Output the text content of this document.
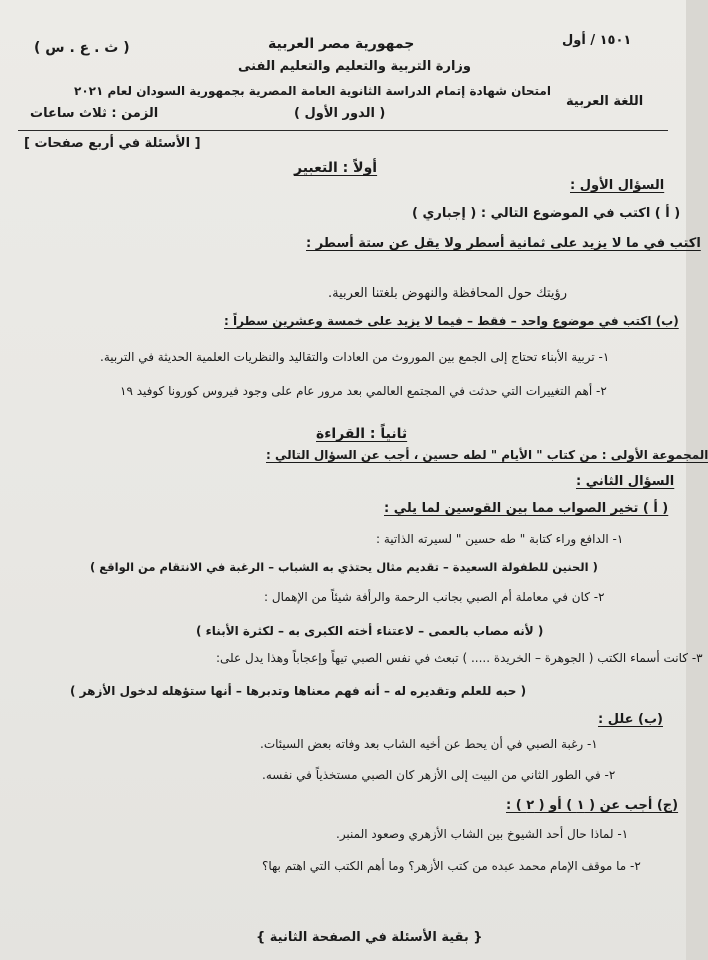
١٥٠١ / أول
جمهورية مصر العربية
( ث . ع . س )
وزارة التربية والتعليم والتعليم الفنى
امتحان شهادة إتمام الدراسة الثانوية العامة المصرية بجمهورية السودان لعام ٢٠٢١
اللغة العربية
( الدور الأول )
الزمن : ثلاث ساعات
[ الأسئلة في أربع صفحات ]
أولاً : التعبير
السؤال الأول :
( أ ) اكتب في الموضوع التالي : ( إجباري )
اكتب في ما لا يزيد على ثمانية أسطر ولا يقل عن ستة أسطر :
رؤيتك حول المحافظة والنهوض بلغتنا العربية.
(ب) اكتب في موضوع واحد – فقط – فيما لا يزيد على خمسة وعشرين سطراً :
١- تربية الأبناء تحتاج إلى الجمع بين الموروث من العادات والتقاليد والنظريات العلمية الحديثة في التربية.
٢- أهم التغييرات التي حدثت في المجتمع العالمي بعد مرور عام على وجود فيروس كورونا كوفيد ١٩
ثانياً : القراءة
المجموعة الأولى : من كتاب " الأيام " لطه حسين ، أجب عن السؤال التالي :
السؤال الثاني :
( أ ) تخير الصواب مما بين القوسين لما يلي :
١- الدافع وراء كتابة " طه حسين " لسيرته الذاتية :
( الحنين للطفولة السعيدة – تقديم مثال يحتذي به الشباب – الرغبة في الانتقام من الواقع )
٢- كان في معاملة أم الصبي بجانب الرحمة والرأفة شيئاً من الإهمال :
( لأنه مصاب بالعمى – لاعتناء أخته الكبرى به – لكثرة الأبناء )
٣- كانت أسماء الكتب ( الجوهرة – الخريدة ..... ) تبعث في نفس الصبي تيهاً وإعجاباً وهذا يدل على:
( حبه للعلم وتقديره له – أنه فهم معناها وتدبرها – أنها ستؤهله لدخول الأزهر )
(ب) علل :
١- رغبة الصبي في أن يحط عن أخيه الشاب بعد وفاته بعض السيئات.
٢- في الطور الثاني من البيت إلى الأزهر كان الصبي مستخذياً في نفسه.
(ج) أجب عن ( ١ ) أو ( ٢ ) :
١- لماذا حال أحد الشيوخ بين الشاب الأزهري وصعود المنبر.
٢- ما موقف الإمام محمد عبده من كتب الأزهر؟ وما أهم الكتب التي اهتم بها؟
{ بقية الأسئلة في الصفحة الثانية }
